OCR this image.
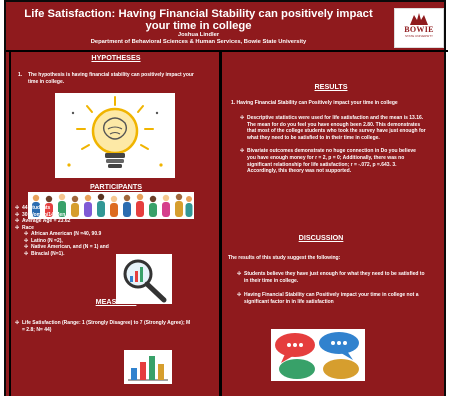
Life Satisfaction: Having Financial Stability can positively impact your time in college
Joshua Lindler
Department of Behavioral Sciences & Human Services, Bowie State University
BOWIE
STATE UNIVERSITY
HYPOTHESES
1.	The hypothesis is having financial stability can positively impact your time in college.
PARTICIPANTS
✢ 44 Students
✢ 30 Women/14 Men
✢ Average Age = 23.62
✢ Race
✢ African American (N =40, 90.9
✢ Latino (N =2),
✢ Native American, and (N = 1) and
✢ Biracial (N=1).
MEASURES
✢ Life Satisfaction (Range: 1 (Strongly Disagree) to 7 (Strongly Agree); M = 2.8; N= 44)
RESULTS
1. Having Financial Stability can Positively impact your time in college
✢ Descriptive statistics were used for life satisfaction and the mean is 13.16. The mean for do you feel you have enough been 2.80. This demonstrates that most of the college students who took the survey have just enough for what they need to be satisfied to in their time in college.
✢ Bivariate outcomes demonstrate no huge connection in Do you believe you have enough money for r = 2, p = 0; Additionally, there was no significant relationship for life satisfaction; r = -.072, p =.643. 3. Accordingly, this theory was not supported.
DISCUSSION
The results of this study suggest the following:
✢ Students believe they have just enough for what they need to be satisfied to in their time in college.
✢ Having Financial Stability can Positively impact your time in college not a significant factor in in life satisfaction
